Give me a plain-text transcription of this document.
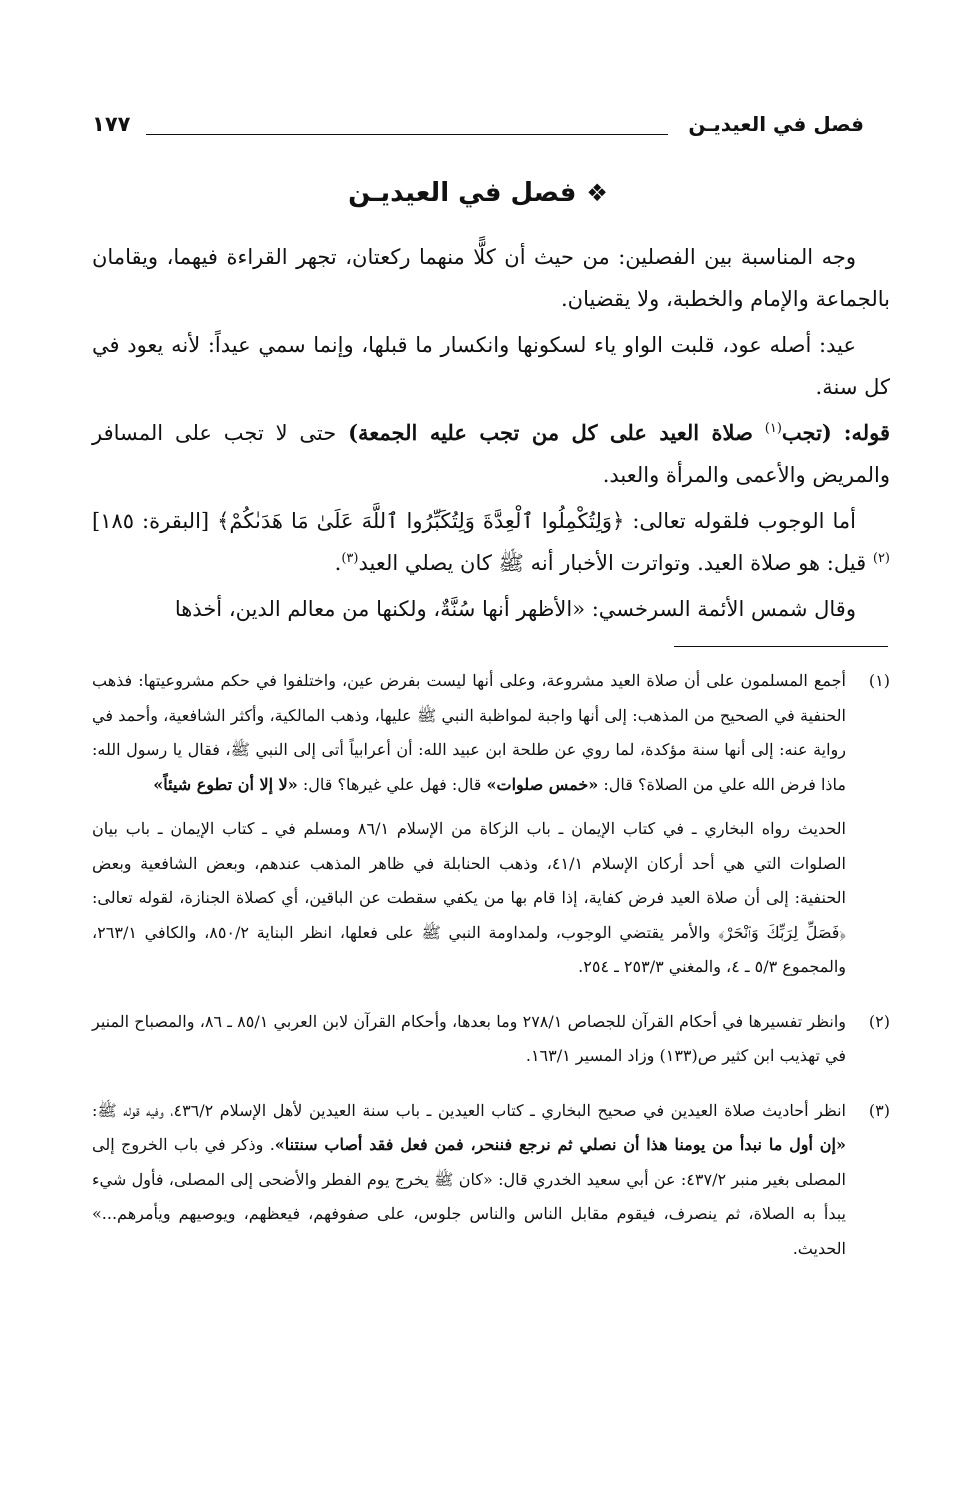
١٧٧	فصل في العيديـن
❖فصل في العيديـن

وجه المناسبة بين الفصلين: من حيث أن كلًّا منهما ركعتان، تجهر القراءة فيهما، ويقامان بالجماعة والإمام والخطبة، ولا يقضيان.

عيد: أصله عود، قلبت الواو ياء لسكونها وانكسار ما قبلها، وإنما سمي عيداً: لأنه يعود في كل سنة.

قوله: (تجب$^{(١)}$ صلاة العيد على كل من تجب عليه الجمعة) حتى لا تجب على المسافر والمريض والأعمى والمرأة والعبد.

أما الوجوب فلقوله تعالى: ﴿وَلِتُكْمِلُوا ٱلْعِدَّةَ وَلِتُكَبِّرُوا ٱللَّهَ عَلَىٰ مَا هَدَىٰكُمْ﴾ [البقرة: ١٨٥]$^{(٢)}$ قيل: هو صلاة العيد. وتواترت الأخبار أنه ﷺ كان يصلي العيد$^{(٣)}$.

وقال شمس الأئمة السرخسي: «الأظهر أنها سُنَّةٌ، ولكنها من معالم الدين، أخذها

(١)

أجمع المسلمون على أن صلاة العيد مشروعة، وعلى أنها ليست بفرض عين، واختلفوا في حكم مشروعيتها: فذهب الحنفية في الصحيح من المذهب: إلى أنها واجبة لمواظبة النبي ﷺ عليها، وذهب المالكية، وأكثر الشافعية، وأحمد في رواية عنه: إلى أنها سنة مؤكدة، لما روي عن طلحة ابن عبيد الله: أن أعرابياً أتى إلى النبي ﷺ، فقال يا رسول الله: ماذا فرض الله علي من الصلاة؟ قال: «خمس صلوات» قال: فهل علي غيرها؟ قال: «لا إلا أن تطوع شيئاً»

الحديث رواه البخاري ـ في كتاب الإيمان ـ باب الزكاة من الإسلام ٨٦/١ ومسلم في ـ كتاب الإيمان ـ باب بيان الصلوات التي هي أحد أركان الإسلام ٤١/١، وذهب الحنابلة في ظاهر المذهب عندهم، وبعض الشافعية وبعض الحنفية: إلى أن صلاة العيد فرض كفاية، إذا قام بها من يكفي سقطت عن الباقين، أي كصلاة الجنازة، لقوله تعالى: ﴿فَصَلِّ لِرَبِّكَ وَٱنْحَرْ﴾ والأمر يقتضي الوجوب، ولمداومة النبي ﷺ على فعلها، انظر البناية ٨٥٠/٢، والكافي ٢٦٣/١، والمجموع ٥/٣ ـ ٤، والمغني ٢٥٣/٣ ـ ٢٥٤.

(٢)

وانظر تفسيرها في أحكام القرآن للجصاص ٢٧٨/١ وما بعدها، وأحكام القرآن لابن العربي ٨٥/١ ـ ٨٦، والمصباح المنير في تهذيب ابن كثير ص(١٣٣) وزاد المسير ١٦٣/١.

(٣)

انظر أحاديث صلاة العيدين في صحيح البخاري ـ كتاب العيدين ـ باب سنة العيدين لأهل الإسلام ٤٣٦/٢، وفيه قوله ﷺ: «إن أول ما نبدأ من يومنا هذا أن نصلي ثم نرجع فننحر، فمن فعل فقد أصاب سنتنا». وذكر في باب الخروج إلى المصلى بغير منبر ٤٣٧/٢: عن أبي سعيد الخدري قال: «كان ﷺ يخرج يوم الفطر والأضحى إلى المصلى، فأول شيء يبدأ به الصلاة، ثم ينصرف، فيقوم مقابل الناس والناس جلوس، على صفوفهم، فيعظهم، ويوصيهم ويأمرهم...» الحديث.
